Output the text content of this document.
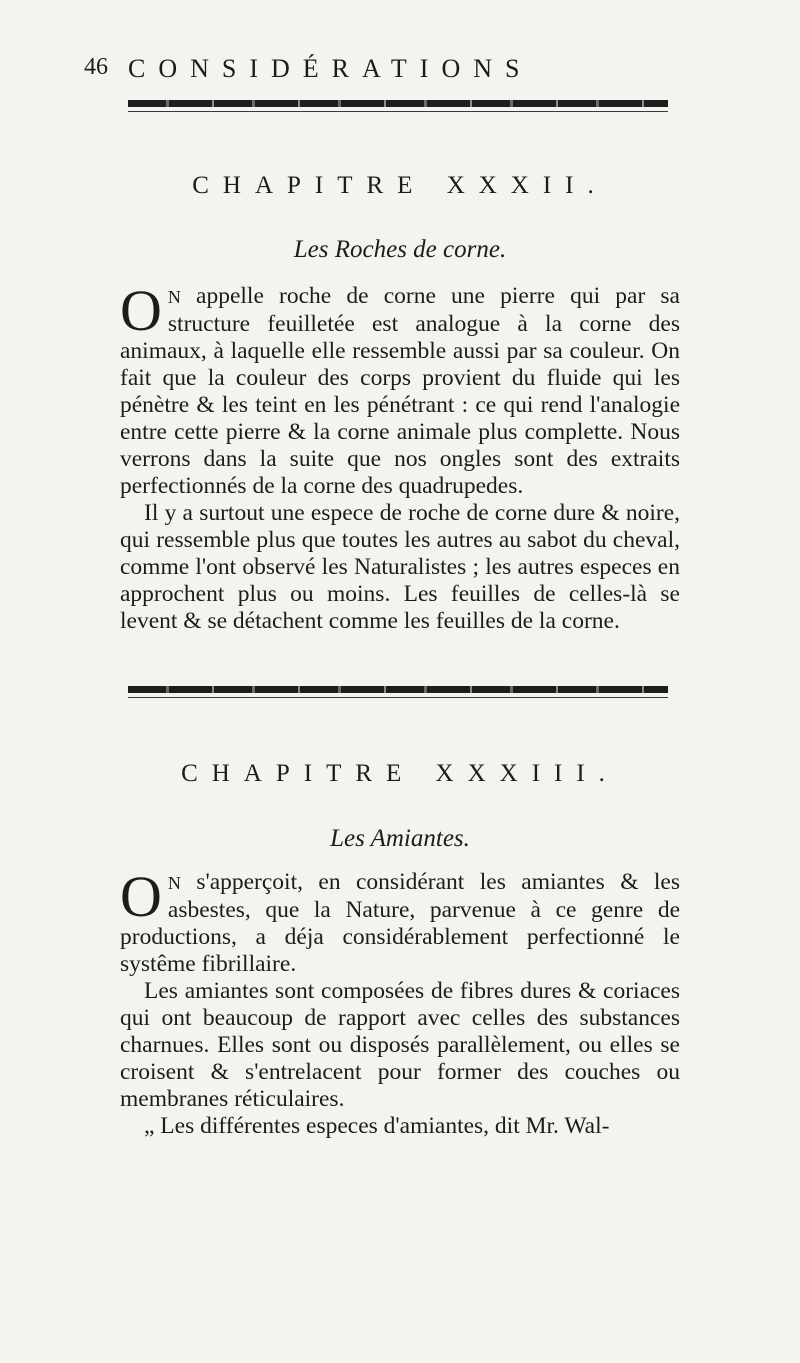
46 CONSIDÉRATIONS
CHAPITRE XXXII.
Les Roches de corne.

O N appelle roche de corne une pierre qui par sa structure feuilletée est analogue à la corne des animaux, à laquelle elle ressemble aussi par sa couleur. On fait que la couleur des corps provient du fluide qui les pénètre & les teint en les pénétrant : ce qui rend l'analogie entre cette pierre & la corne animale plus complette. Nous verrons dans la suite que nos ongles sont des extraits perfectionnés de la corne des quadrupedes.

Il y a surtout une espece de roche de corne dure & noire, qui ressemble plus que toutes les autres au sabot du cheval, comme l'ont observé les Naturalistes ; les autres especes en approchent plus ou moins. Les feuilles de celles-là se levent & se détachent comme les feuilles de la corne.

CHAPITRE XXXIII.
Les Amiantes.

O N s'apperçoit, en considérant les amiantes & les asbestes, que la Nature, parvenue à ce genre de productions, a déja considérablement perfectionné le systême fibrillaire.

Les amiantes sont composées de fibres dures & coriaces qui ont beaucoup de rapport avec celles des substances charnues. Elles sont ou disposés parallèlement, ou elles se croisent & s'entrelacent pour former des couches ou membranes réticulaires.

„ Les différentes especes d'amiantes, dit Mr. Wal-
